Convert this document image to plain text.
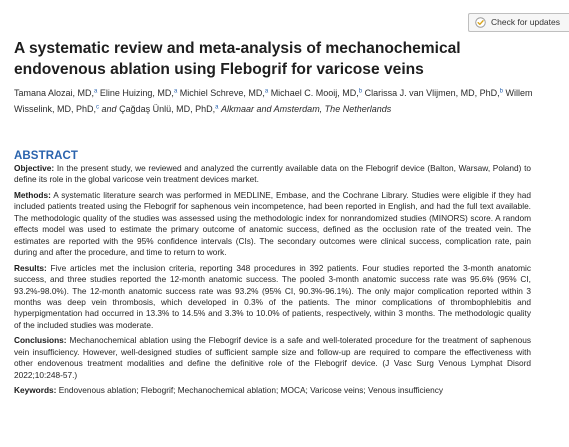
Check for updates
A systematic review and meta-analysis of mechanochemical endovenous ablation using Flebogrif for varicose veins

Tamana Alozai, MD,$^a$ Eline Huizing, MD,$^a$ Michiel Schreve, MD,$^a$ Michael C. Mooij, MD,$^b$ Clarissa J. van Vlijmen, MD, PhD,$^b$ Willem Wisselink, MD, PhD,$^c$ and Çağdaş Ünlü, MD, PhD,$^a$ Alkmaar and Amsterdam, The Netherlands

ABSTRACT

Objective: In the present study, we reviewed and analyzed the currently available data on the Flebogrif device (Balton, Warsaw, Poland) to define its role in the global varicose vein treatment devices market.

Methods: A systematic literature search was performed in MEDLINE, Embase, and the Cochrane Library. Studies were eligible if they had included patients treated using the Flebogrif for saphenous vein incompetence, had been reported in English, and had the full text available. The methodologic quality of the studies was assessed using the methodologic index for nonrandomized studies (MINORS) score. A random effects model was used to estimate the primary outcome of anatomic success, defined as the occlusion rate of the treated vein. The estimates are reported with the 95% confidence intervals (CIs). The secondary outcomes were clinical success, complication rate, pain during and after the procedure, and time to return to work.

Results: Five articles met the inclusion criteria, reporting 348 procedures in 392 patients. Four studies reported the 3-month anatomic success, and three studies reported the 12-month anatomic success. The pooled 3-month anatomic success rate was 95.6% (95% CI, 93.2%-98.0%). The 12-month anatomic success rate was 93.2% (95% CI, 90.3%-96.1%). The only major complication reported within 3 months was deep vein thrombosis, which developed in 0.3% of the patients. The minor complications of thrombophlebitis and hyperpigmentation had occurred in 13.3% to 14.5% and 3.3% to 10.0% of patients, respectively, within 3 months. The methodologic quality of the included studies was moderate.

Conclusions: Mechanochemical ablation using the Flebogrif device is a safe and well-tolerated procedure for the treatment of saphenous vein insufficiency. However, well-designed studies of sufficient sample size and follow-up are required to compare the effectiveness with other endovenous treatment modalities and define the definitive role of the Flebogrif device. (J Vasc Surg Venous Lymphat Disord 2022;10:248-57.)

Keywords: Endovenous ablation; Flebogrif; Mechanochemical ablation; MOCA; Varicose veins; Venous insufficiency
